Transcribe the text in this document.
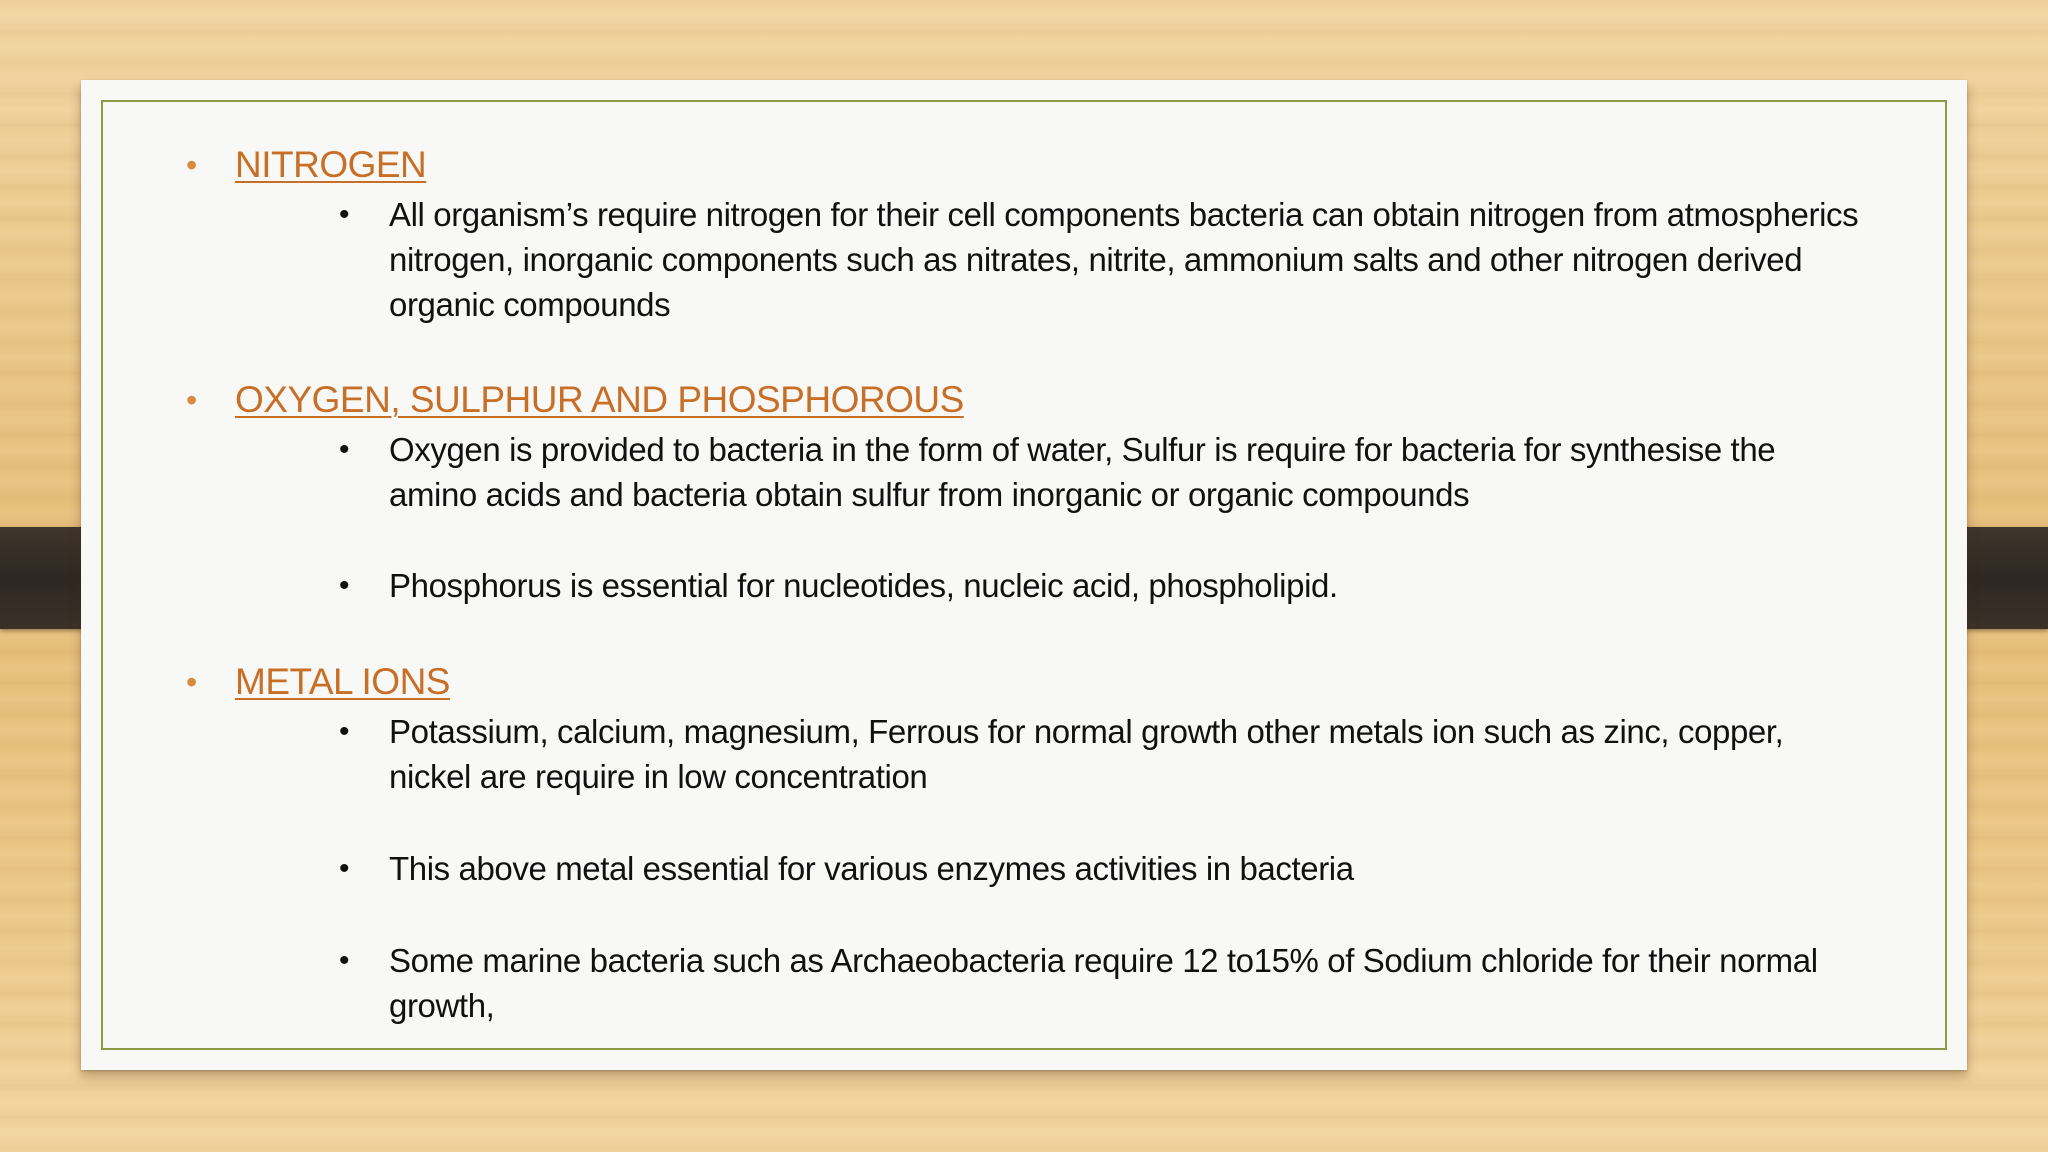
• NITROGEN
• All organism’s require nitrogen for their cell components bacteria can obtain nitrogen from atmospherics nitrogen, inorganic components such as nitrates, nitrite, ammonium salts and other nitrogen derived organic compounds
• OXYGEN, SULPHUR AND PHOSPHOROUS
• Oxygen is provided to bacteria in the form of water, Sulfur is require for bacteria for synthesise the amino acids and bacteria obtain sulfur from inorganic or organic compounds
• Phosphorus is essential for nucleotides, nucleic acid, phospholipid.
• METAL IONS
• Potassium, calcium, magnesium, Ferrous for normal growth other metals ion such as zinc, copper, nickel are require in low concentration
• This above metal essential for various enzymes activities in bacteria
• Some marine bacteria such as Archaeobacteria require 12 to15% of Sodium chloride for their normal growth,
